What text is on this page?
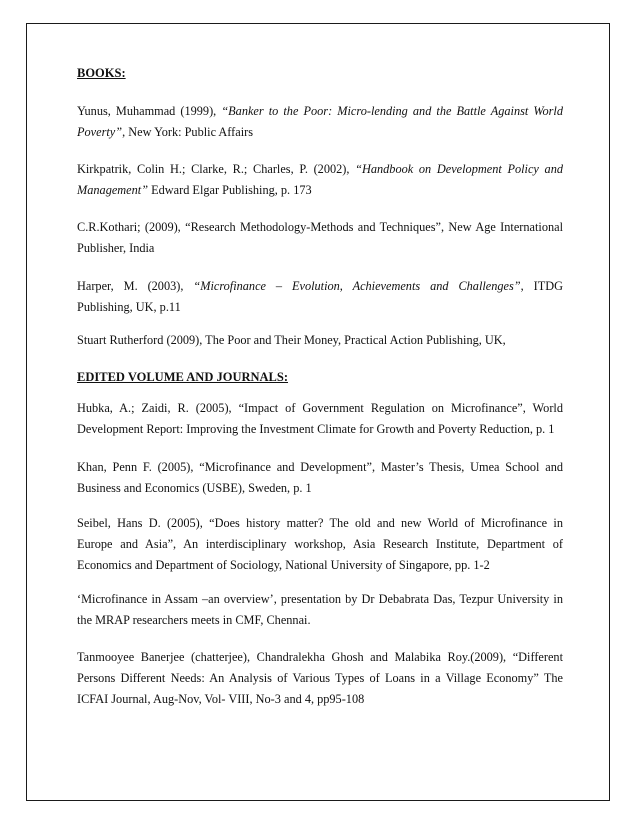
BOOKS:
Yunus, Muhammad (1999), “Banker to the Poor: Micro-lending and the Battle Against World
Poverty”, New York: Public Affairs
Kirkpatrik, Colin H.; Clarke, R.; Charles, P. (2002), “Handbook on Development Policy and
Management” Edward Elgar Publishing, p. 173
C.R.Kothari; (2009), “Research Methodology-Methods and Techniques”, New Age International
Publisher, India
Harper, M. (2003), “Microfinance – Evolution, Achievements and Challenges”, ITDG
Publishing, UK, p.11
Stuart Rutherford (2009), The Poor and Their Money, Practical Action Publishing, UK,
EDITED VOLUME AND JOURNALS:
Hubka, A.; Zaidi, R. (2005), “Impact of Government Regulation on Microfinance”, World
Development Report: Improving the Investment Climate for Growth and Poverty Reduction, p. 1
Khan, Penn F. (2005), “Microfinance and Development”, Master’s Thesis, Umea School and
Business and Economics (USBE), Sweden, p. 1
Seibel, Hans D. (2005), “Does history matter? The old and new World of Microfinance in
Europe and Asia”, An interdisciplinary workshop, Asia Research Institute, Department of
Economics and Department of Sociology, National University of Singapore, pp. 1-2
‘Microfinance in Assam –an overview’, presentation by Dr Debabrata Das, Tezpur University in
the MRAP researchers meets in CMF, Chennai.
Tanmooyee Banerjee (chatterjee), Chandralekha Ghosh and Malabika Roy.(2009), “Different
Persons Different Needs: An Analysis of Various Types of Loans in a Village Economy” The
ICFAI Journal, Aug-Nov, Vol- VIII, No-3 and 4, pp95-108
